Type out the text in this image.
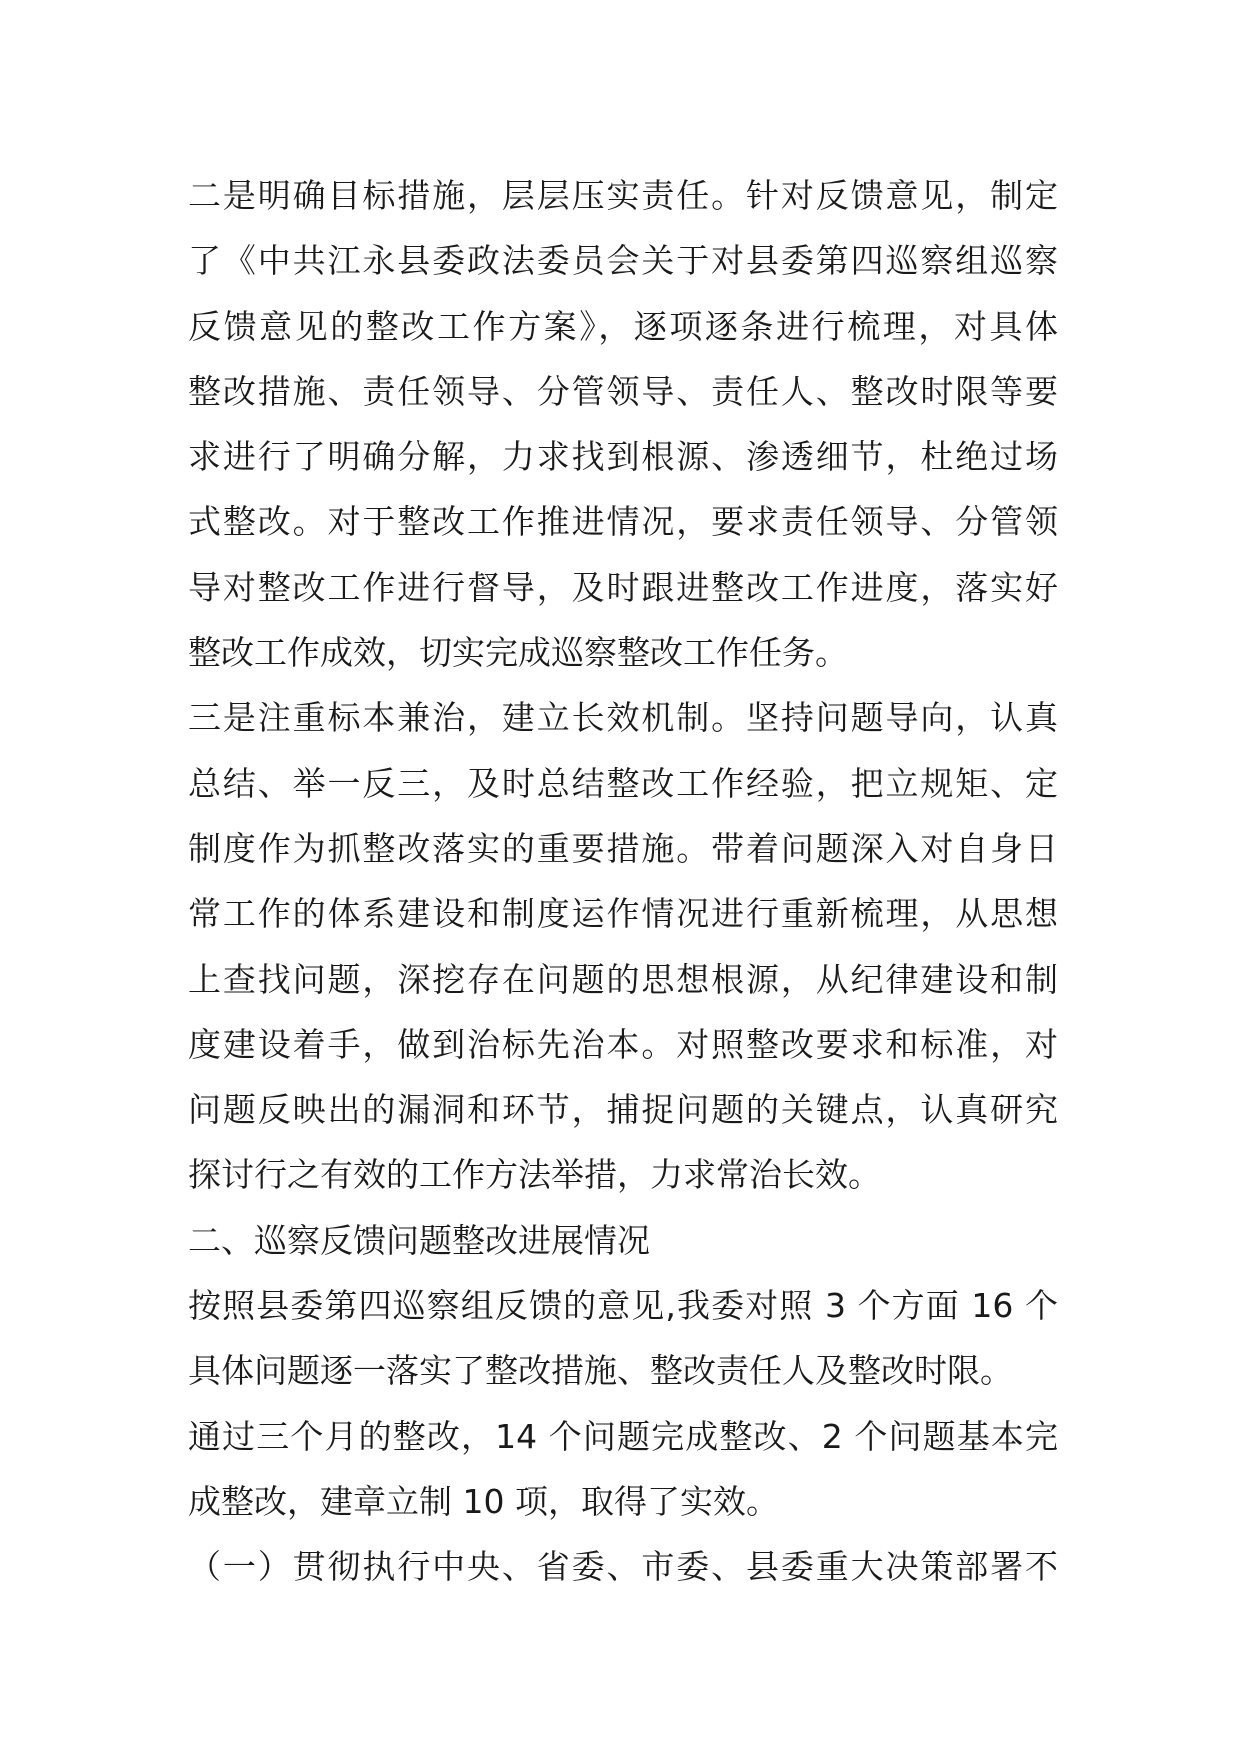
二是明确目标措施，层层压实责任。针对反馈意见，制定
了《中共江永县委政法委员会关于对县委第四巡察组巡察
反馈意见的整改工作方案》，逐项逐条进行梳理，对具体
整改措施、责任领导、分管领导、责任人、整改时限等要
求进行了明确分解，力求找到根源、渗透细节，杜绝过场
式整改。对于整改工作推进情况，要求责任领导、分管领
导对整改工作进行督导，及时跟进整改工作进度，落实好
整改工作成效，切实完成巡察整改工作任务。
三是注重标本兼治，建立长效机制。坚持问题导向，认真
总结、举一反三，及时总结整改工作经验，把立规矩、定
制度作为抓整改落实的重要措施。带着问题深入对自身日
常工作的体系建设和制度运作情况进行重新梳理，从思想
上查找问题，深挖存在问题的思想根源，从纪律建设和制
度建设着手，做到治标先治本。对照整改要求和标准，对
问题反映出的漏洞和环节，捕捉问题的关键点，认真研究
探讨行之有效的工作方法举措，力求常治长效。
二、巡察反馈问题整改进展情况
按照县委第四巡察组反馈的意见,我委对照 3 个方面 16 个
具体问题逐一落实了整改措施、整改责任人及整改时限。
通过三个月的整改，14 个问题完成整改、2 个问题基本完
成整改，建章立制 10 项，取得了实效。
（一）贯彻执行中央、省委、市委、县委重大决策部署不
